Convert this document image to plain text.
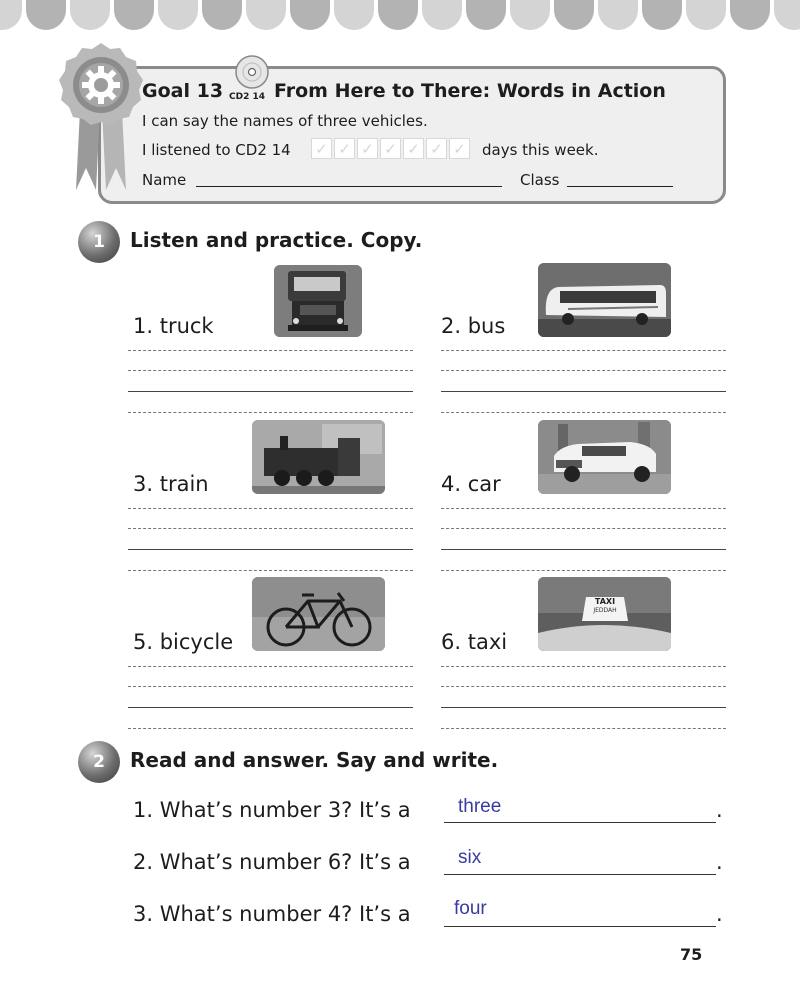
Goal 13 CD2 14 From Here to There: Words in Action
I can say the names of three vehicles.
I listened to CD2 14 ✓ ✓ ✓ ✓ ✓ ✓ ✓ days this week.
Name	Class
1	Listen and practice. Copy.
1. truck	2. bus
3. train	4. car
5. bicycle	6. taxi
TAXI
JEDDAH
2	Read and answer. Say and write.
1. What’s number 3? It’s a three	.
2. What’s number 6? It’s a six	.
3. What’s number 4? It’s a four	.
75
